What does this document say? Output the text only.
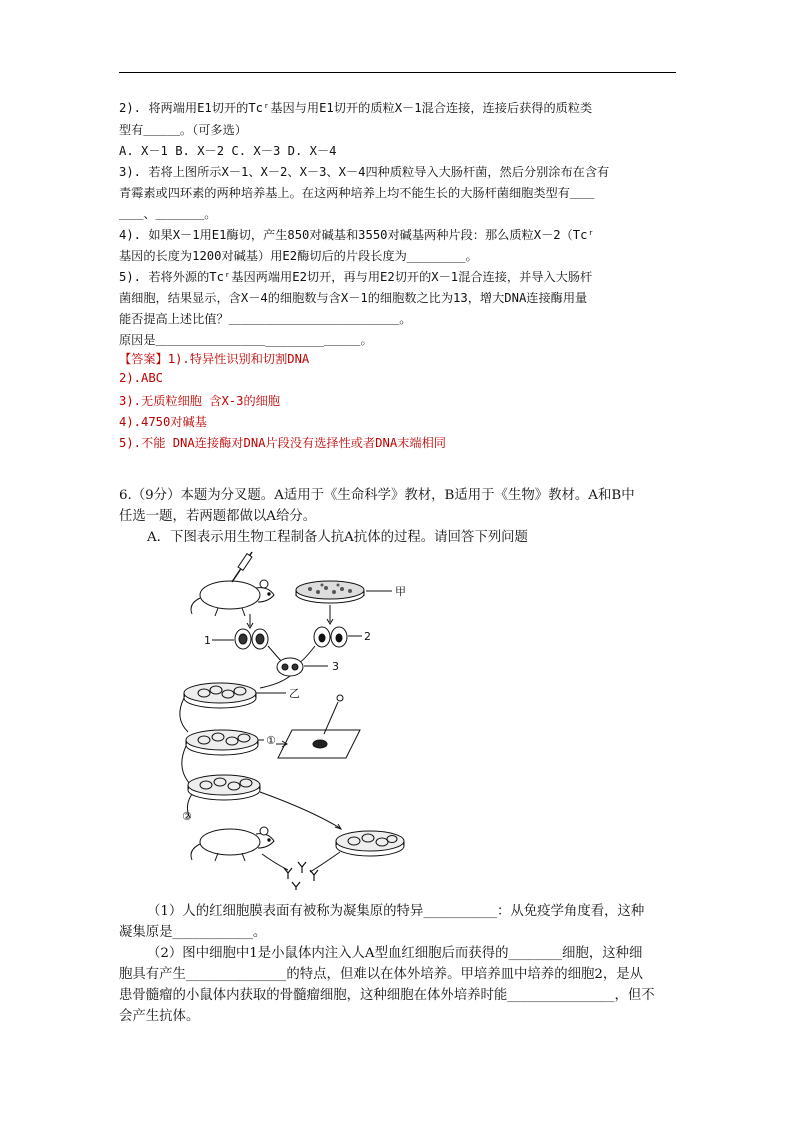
2). 将两端用E1切开的Tcʳ基因与用E1切开的质粒X－1混合连接，连接后获得的质粒类
型有＿＿＿。（可多选）
A. X－1 B. X－2 C. X－3 D. X－4
3). 若将上图所示X－1、X－2、X－3、X－4四种质粒导入大肠杆菌，然后分别涂布在含有
青霉素或四环素的两种培养基上。在这两种培养上均不能生长的大肠杆菌细胞类型有＿＿
＿＿、＿＿＿＿。
4). 如果X－1用E1酶切，产生850对碱基和3550对碱基两种片段：那么质粒X－2（Tcʳ
基因的长度为1200对碱基）用E2酶切后的片段长度为________。
5). 若将外源的Tcʳ基因两端用E2切开，再与用E2切开的X－1混合连接，并导入大肠杆
菌细胞，结果显示，含X－4的细胞数与含X－1的细胞数之比为13，增大DNA连接酶用量
能否提高上述比值？＿＿＿＿＿＿＿＿＿＿＿＿＿＿。
原因是＿＿＿＿＿＿＿＿＿________＿＿＿。
【答案】1).特异性识别和切割DNA
2).ABC
3).无质粒细胞 含X-3的细胞
4).4750对碱基
5).不能 DNA连接酶对DNA片段没有选择性或者DNA末端相同
6.（9分）本题为分叉题。A适用于《生命科学》教材，B适用于《生物》教材。A和B中
任选一题，若两题都做以A给分。
A．下图表示用生物工程制备人抗A抗体的过程。请回答下列问题
甲
1	2
3
乙
①
②
（1）人的红细胞膜表面有被称为凝集原的特异___________：从免疫学角度看，这种
凝集原是____________。
（2）图中细胞中1是小鼠体内注入人A型血红细胞后而获得的________细胞，这种细
胞具有产生_______________的特点，但难以在体外培养。甲培养皿中培养的细胞2，是从
患骨髓瘤的小鼠体内获取的骨髓瘤细胞，这种细胞在体外培养时能________________，但不
会产生抗体。
